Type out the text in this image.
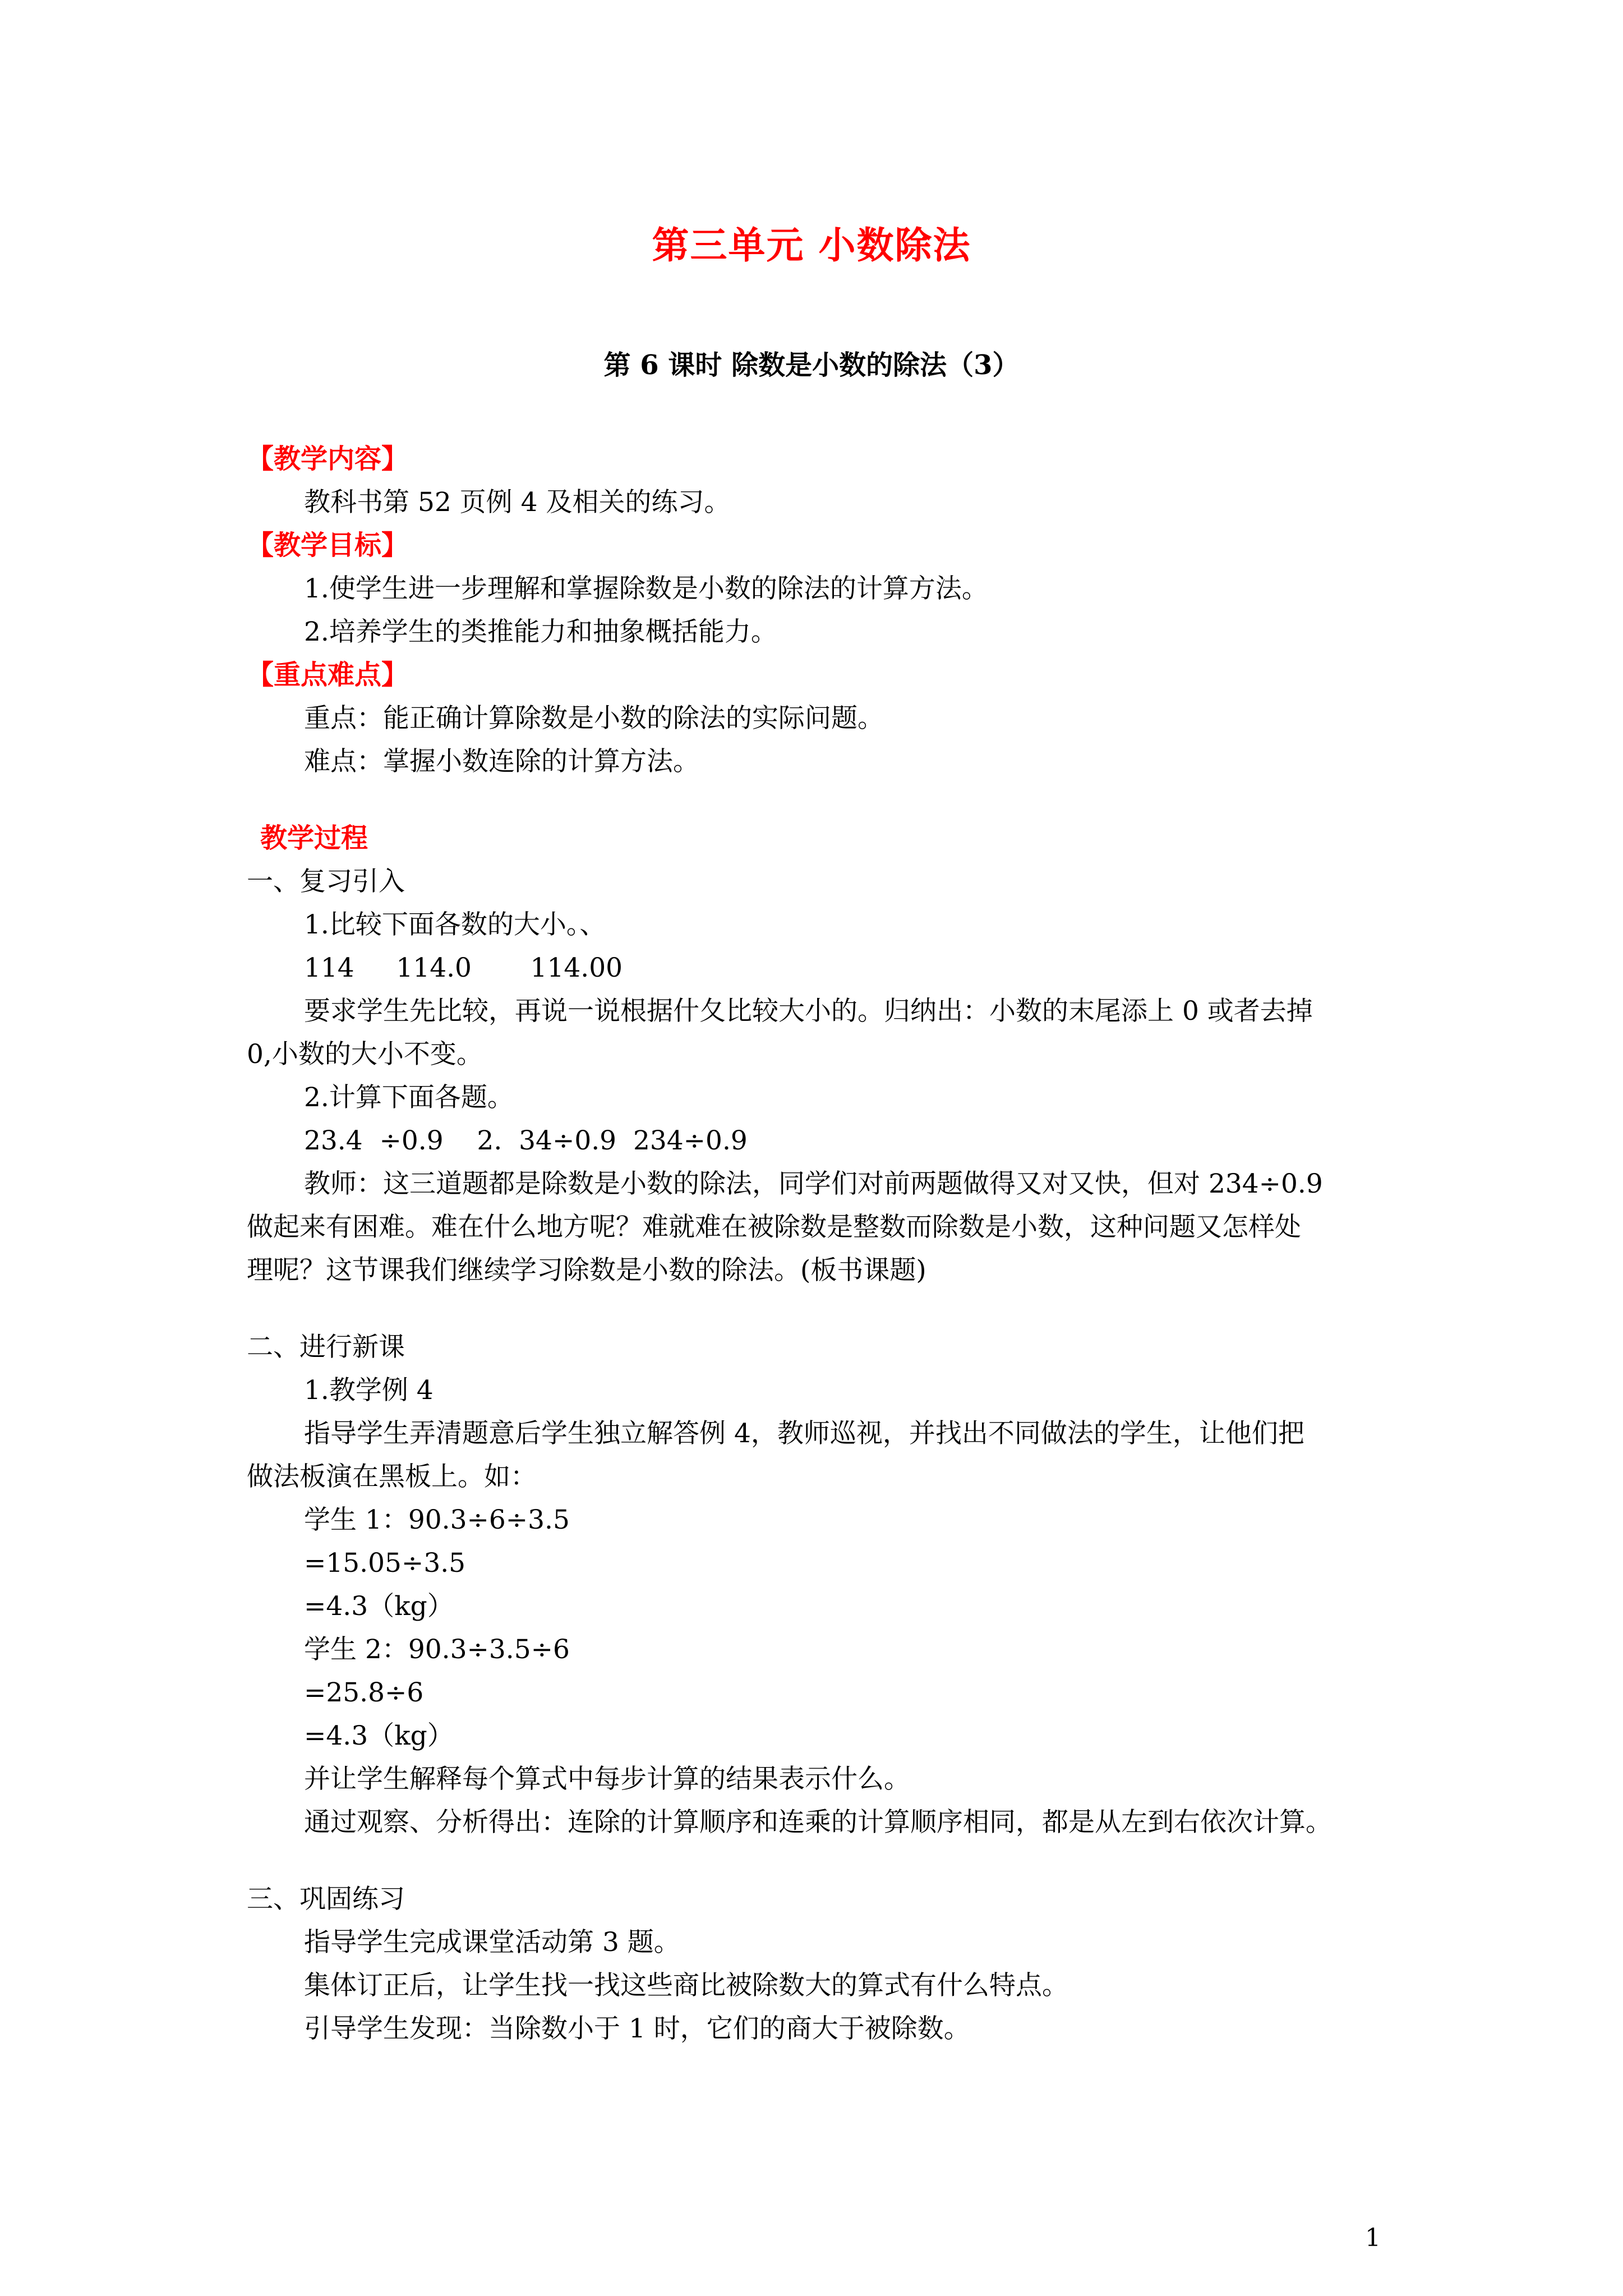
第三单元 小数除法
第 6 课时 除数是小数的除法（3）
【教学内容】

教科书第 52 页例 4 及相关的练习。

【教学目标】

1.使学生进一步理解和掌握除数是小数的除法的计算方法。

2.培养学生的类推能力和抽象概括能力。

【重点难点】

重点：能正确计算除数是小数的除法的实际问题。

难点：掌握小数连除的计算方法。

教学过程

一、复习引入

1.比较下面各数的大小。、

114     114.0       114.00

要求学生先比较，再说一说根据什夂比较大小的。归纳出：小数的末尾添上 0 或者去掉

0,小数的大小不变。

2.计算下面各题。

23.4  ÷0.9    2.  34÷0.9  234÷0.9

教师：这三道题都是除数是小数的除法，同学们对前两题做得又对又快，但对 234÷0.9

做起来有困难。难在什么地方呢？难就难在被除数是整数而除数是小数，这种问题又怎样处

理呢？这节课我们继续学习除数是小数的除法。(板书课题)

二、进行新课

1.教学例 4

指导学生弄清题意后学生独立解答例 4，教师巡视，并找出不同做法的学生，让他们把

做法板演在黑板上。如：

学生 1：90.3÷6÷3.5

=15.05÷3.5

=4.3（kg）

学生 2：90.3÷3.5÷6

=25.8÷6

=4.3（kg）

并让学生解释每个算式中每步计算的结果表示什么。

通过观察、分析得出：连除的计算顺序和连乘的计算顺序相同，都是从左到右依次计算。

三、巩固练习

指导学生完成课堂活动第 3 题。

集体订正后，让学生找一找这些商比被除数大的算式有什么特点。

引导学生发现：当除数小于 1 时，它们的商大于被除数。

1
